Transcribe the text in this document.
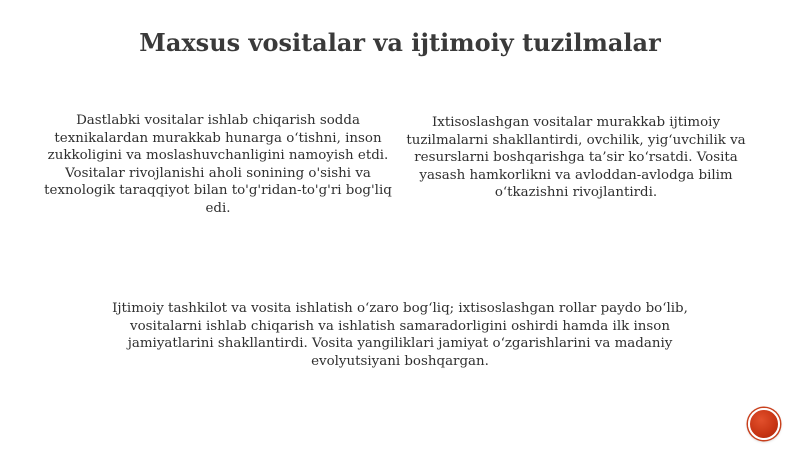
Maxsus vositalar va ijtimoiy tuzilmalar

Dastlabki vositalar ishlab chiqarish sodda texnikalardan murakkab hunarga o‘tishni, inson zukkoligini va moslashuvchanligini namoyish etdi. Vositalar rivojlanishi aholi sonining o'sishi va texnologik taraqqiyot bilan to'g'ridan-to'g'ri bog'liq edi.

Ixtisoslashgan vositalar murakkab ijtimoiy tuzilmalarni shakllantirdi, ovchilik, yig‘uvchilik va resurslarni boshqarishga ta’sir ko‘rsatdi. Vosita yasash hamkorlikni va avloddan-avlodga bilim o‘tkazishni rivojlantirdi.

Ijtimoiy tashkilot va vosita ishlatish o‘zaro bog‘liq; ixtisoslashgan rollar paydo bo‘lib, vositalarni ishlab chiqarish va ishlatish samaradorligini oshirdi hamda ilk inson jamiyatlarini shakllantirdi. Vosita yangiliklari jamiyat o‘zgarishlarini va madaniy evolyutsiyani boshqargan.
